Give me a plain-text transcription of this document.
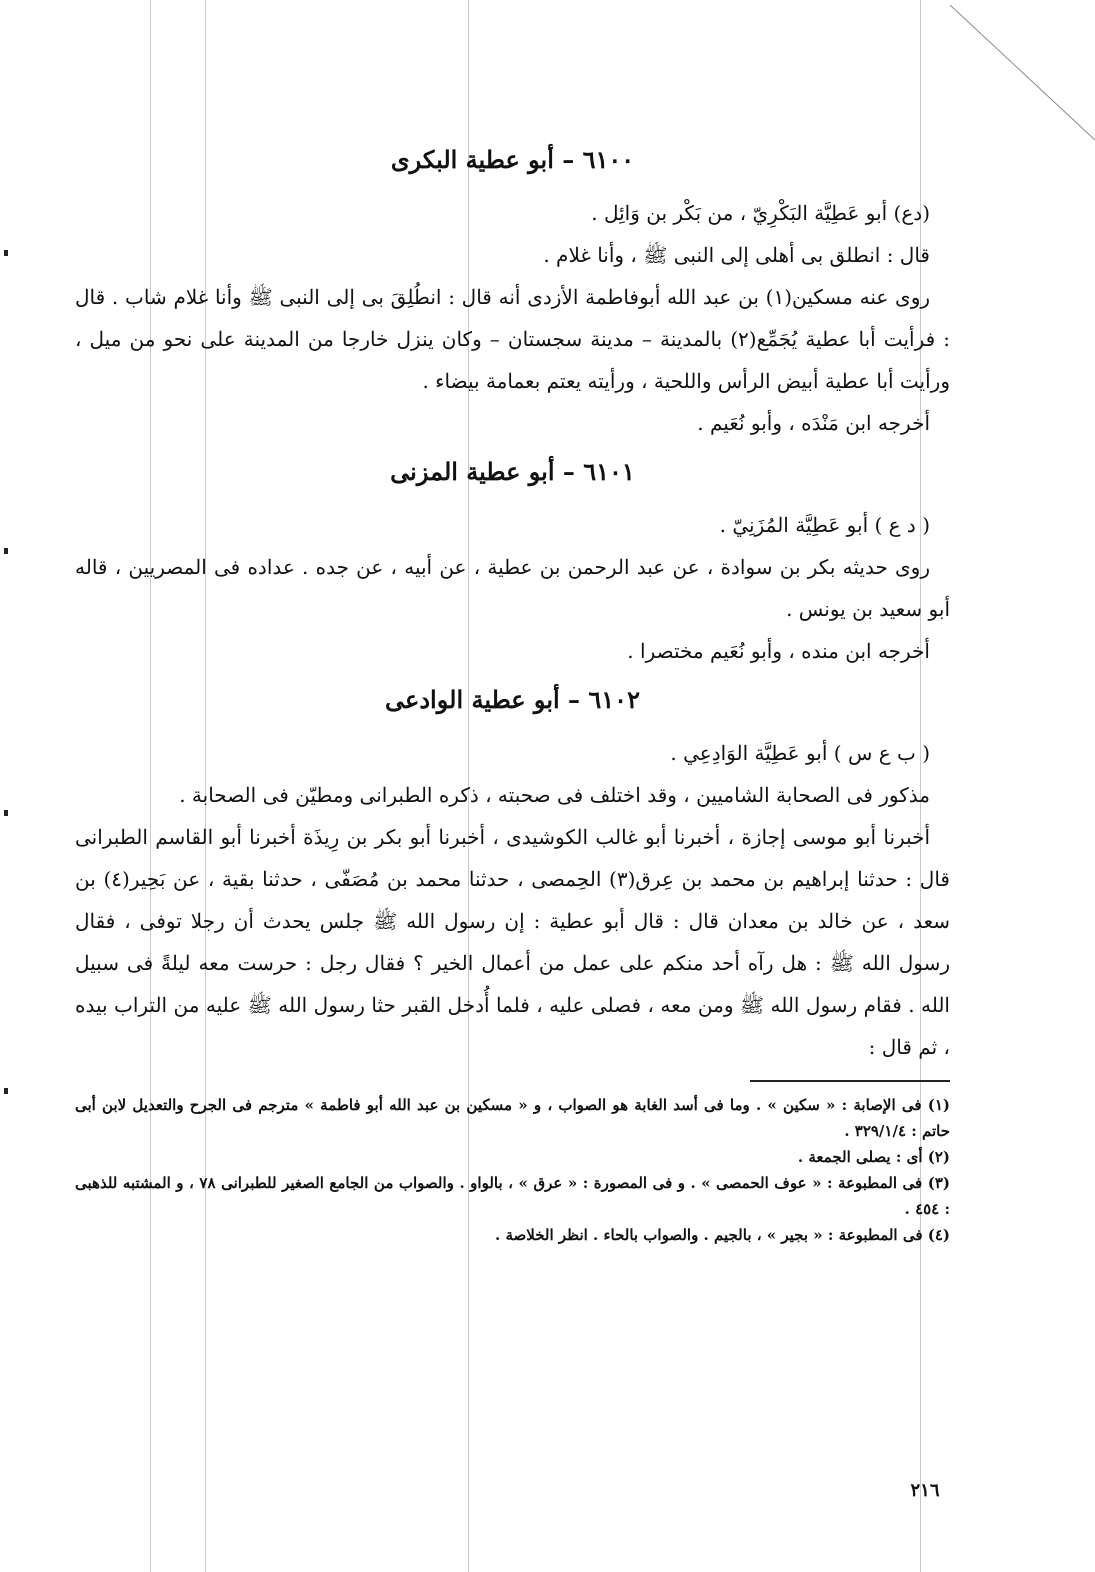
٦١٠٠ – أبو عطية البكرى

(دع) أبو عَطِيَّة البَكْرِيّ ، من بَكْر بن وَائِل .

قال : انطلق بى أهلى إلى النبى ﷺ ، وأنا غلام .

روى عنه مسكين(١) بن عبد الله أبوفاطمة الأزدى أنه قال : انطُلِقَ بى إلى النبى ﷺ وأنا غلام شاب . قال : فرأيت أبا عطية يُجَمِّع(٢) بالمدينة – مدينة سجستان – وكان ينزل خارجا من المدينة على نحو من ميل ، ورأيت أبا عطية أبيض الرأس واللحية ، ورأيته يعتم بعمامة بيضاء .

أخرجه ابن مَنْدَه ، وأبو نُعَيم .

٦١٠١ – أبو عطية المزنى

( د ع ) أبو عَطِيَّة المُزَنِيّ .

روى حديثه بكر بن سوادة ، عن عبد الرحمن بن عطية ، عن أبيه ، عن جده . عداده فى المصريين ، قاله أبو سعيد بن يونس .

أخرجه ابن منده ، وأبو نُعَيم مختصرا .

٦١٠٢ – أبو عطية الوادعى

( ب ع س ) أبو عَطِيَّة الوَادِعِي .

مذكور فى الصحابة الشاميين ، وقد اختلف فى صحبته ، ذكره الطبرانى ومطيّن فى الصحابة .

أخبرنا أبو موسى إجازة ، أخبرنا أبو غالب الكوشيدى ، أخبرنا أبو بكر بن رِيذَة أخبرنا أبو القاسم الطبرانى قال : حدثنا إبراهيم بن محمد بن عِرق(٣) الحِمصى ، حدثنا محمد بن مُصَفّى ، حدثنا بقية ، عن بَحِير(٤) بن سعد ، عن خالد بن معدان قال : قال أبو عطية : إن رسول الله ﷺ جلس يحدث أن رجلا توفى ، فقال رسول الله ﷺ : هل رآه أحد منكم على عمل من أعمال الخير ؟ فقال رجل : حرست معه ليلةً فى سبيل الله . فقام رسول الله ﷺ ومن معه ، فصلى عليه ، فلما أُدخل القبر حثا رسول الله ﷺ عليه من التراب بيده ، ثم قال :

(١) فى الإصابة : « سكين » . وما فى أسد الغابة هو الصواب ، و « مسكين بن عبد الله أبو فاطمة » مترجم فى الجرح والتعديل لابن أبى حاتم : ٣٢٩/١/٤ .

(٢) أى : يصلى الجمعة .

(٣) فى المطبوعة : « عوف الحمصى » . و فى المصورة : « عرق » ، بالواو . والصواب من الجامع الصغير للطبرانى ٧٨ ، و المشتبه للذهبى : ٤٥٤ .

(٤) فى المطبوعة : « بجير » ، بالجيم . والصواب بالحاء . انظر الخلاصة .

٢١٦
